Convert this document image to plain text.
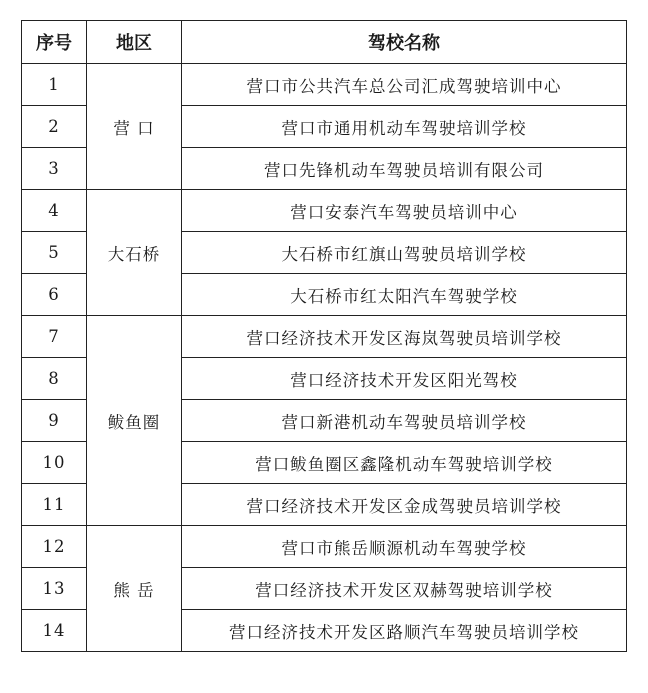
序号	地区	驾校名称
1	营 口	营口市公共汽车总公司汇成驾驶培训中心
2		营口市通用机动车驾驶培训学校
3		营口先锋机动车驾驶员培训有限公司
4	大石桥	营口安泰汽车驾驶员培训中心
5		大石桥市红旗山驾驶员培训学校
6		大石桥市红太阳汽车驾驶学校
7	鲅鱼圈	营口经济技术开发区海岚驾驶员培训学校
8		营口经济技术开发区阳光驾校
9		营口新港机动车驾驶员培训学校
10		营口鲅鱼圈区鑫隆机动车驾驶培训学校
11		营口经济技术开发区金成驾驶员培训学校
12	熊 岳	营口市熊岳顺源机动车驾驶学校
13		营口经济技术开发区双赫驾驶培训学校
14		营口经济技术开发区路顺汽车驾驶员培训学校
